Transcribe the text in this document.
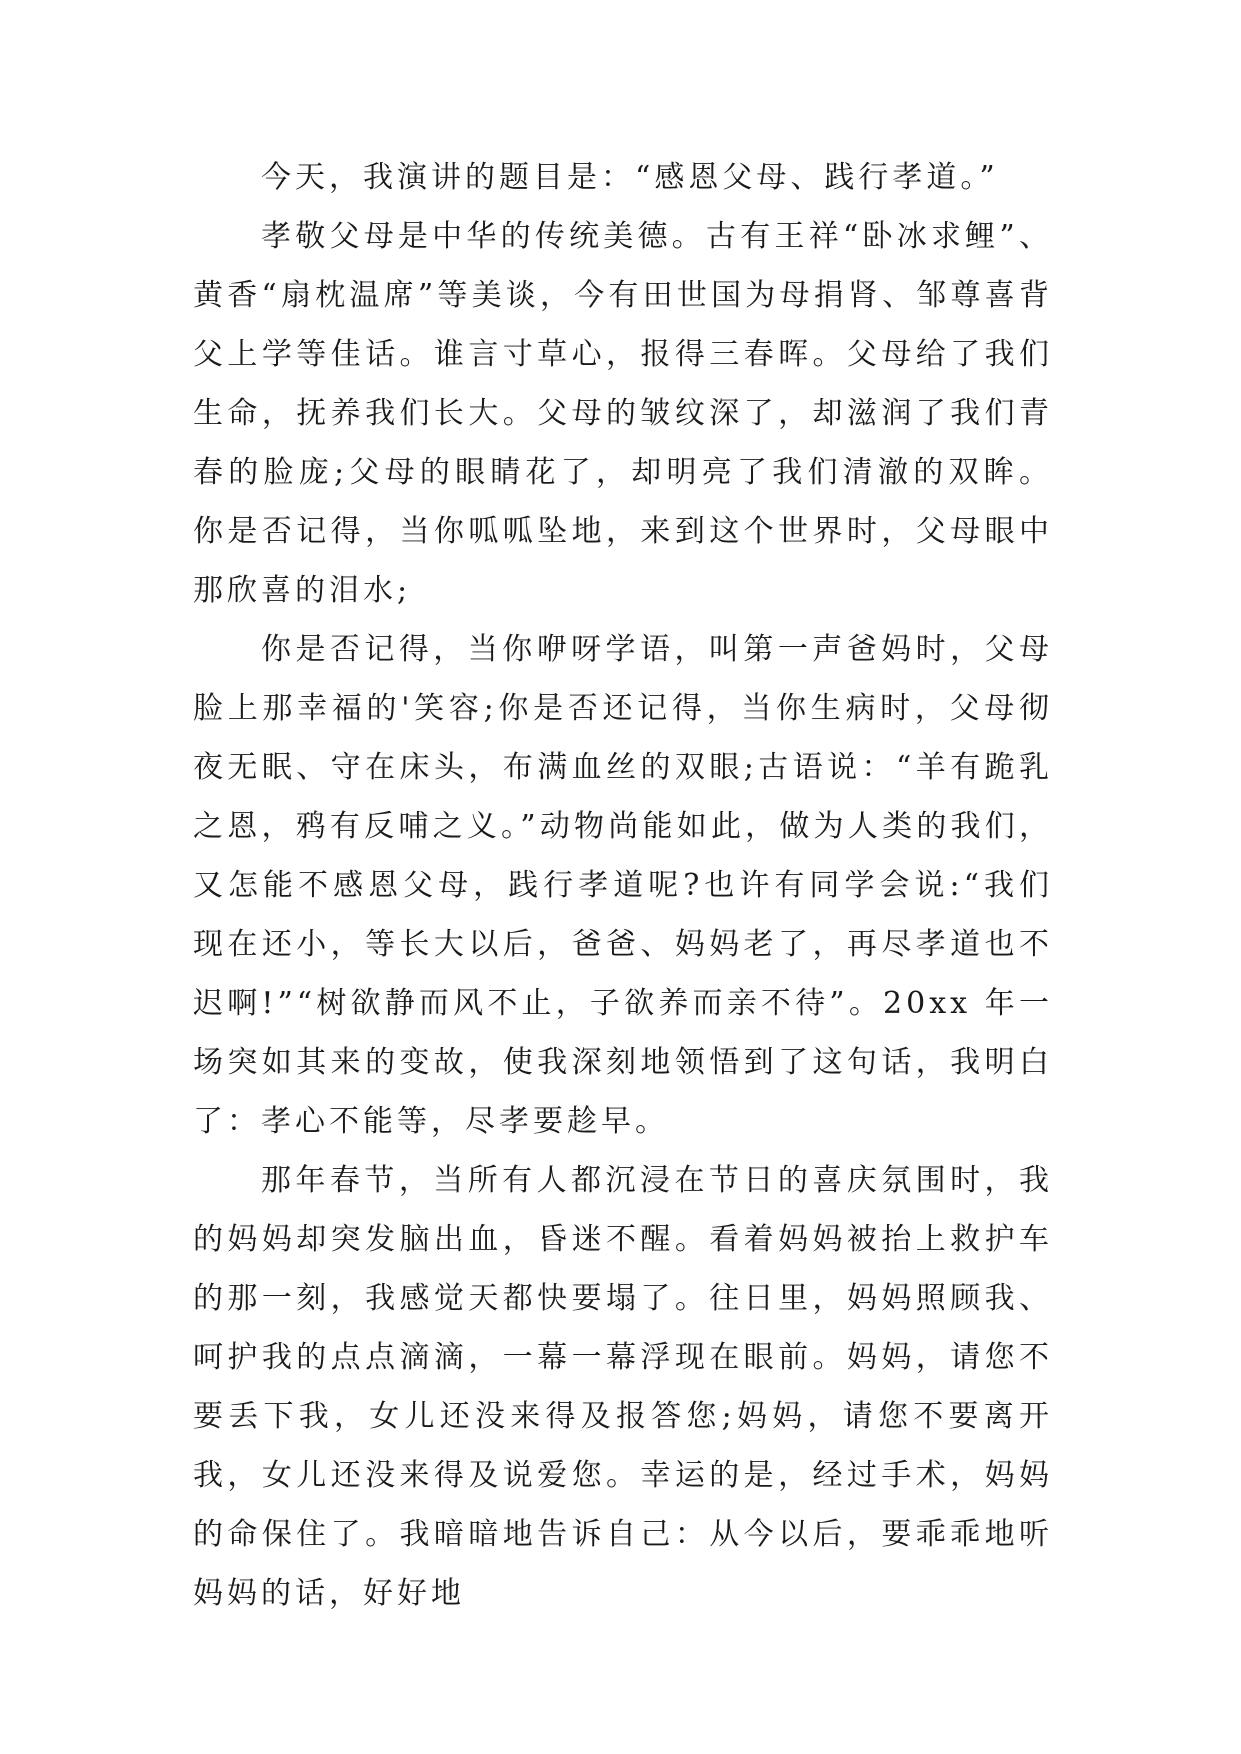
今天，我演讲的题目是：“感恩父母、践行孝道。”

孝敬父母是中华的传统美德。古有王祥“卧冰求鲤”、黄香“扇枕温席”等美谈，今有田世国为母捐肾、邹尊喜背父上学等佳话。谁言寸草心，报得三春晖。父母给了我们生命，抚养我们长大。父母的皱纹深了，却滋润了我们青春的脸庞;父母的眼睛花了，却明亮了我们清澈的双眸。你是否记得，当你呱呱坠地，来到这个世界时，父母眼中那欣喜的泪水;

你是否记得，当你咿呀学语，叫第一声爸妈时，父母脸上那幸福的'笑容;你是否还记得，当你生病时，父母彻夜无眠、守在床头，布满血丝的双眼;古语说：“羊有跪乳之恩，鸦有反哺之义。”动物尚能如此，做为人类的我们，又怎能不感恩父母，践行孝道呢?也许有同学会说:“我们现在还小，等长大以后，爸爸、妈妈老了，再尽孝道也不迟啊!”“树欲静而风不止，子欲养而亲不待”。20xx 年一场突如其来的变故，使我深刻地领悟到了这句话，我明白了：孝心不能等，尽孝要趁早。

那年春节，当所有人都沉浸在节日的喜庆氛围时，我的妈妈却突发脑出血，昏迷不醒。看着妈妈被抬上救护车的那一刻，我感觉天都快要塌了。往日里，妈妈照顾我、呵护我的点点滴滴，一幕一幕浮现在眼前。妈妈，请您不要丢下我，女儿还没来得及报答您;妈妈，请您不要离开我，女儿还没来得及说爱您。幸运的是，经过手术，妈妈的命保住了。我暗暗地告诉自己：从今以后，要乖乖地听妈妈的话，好好地
